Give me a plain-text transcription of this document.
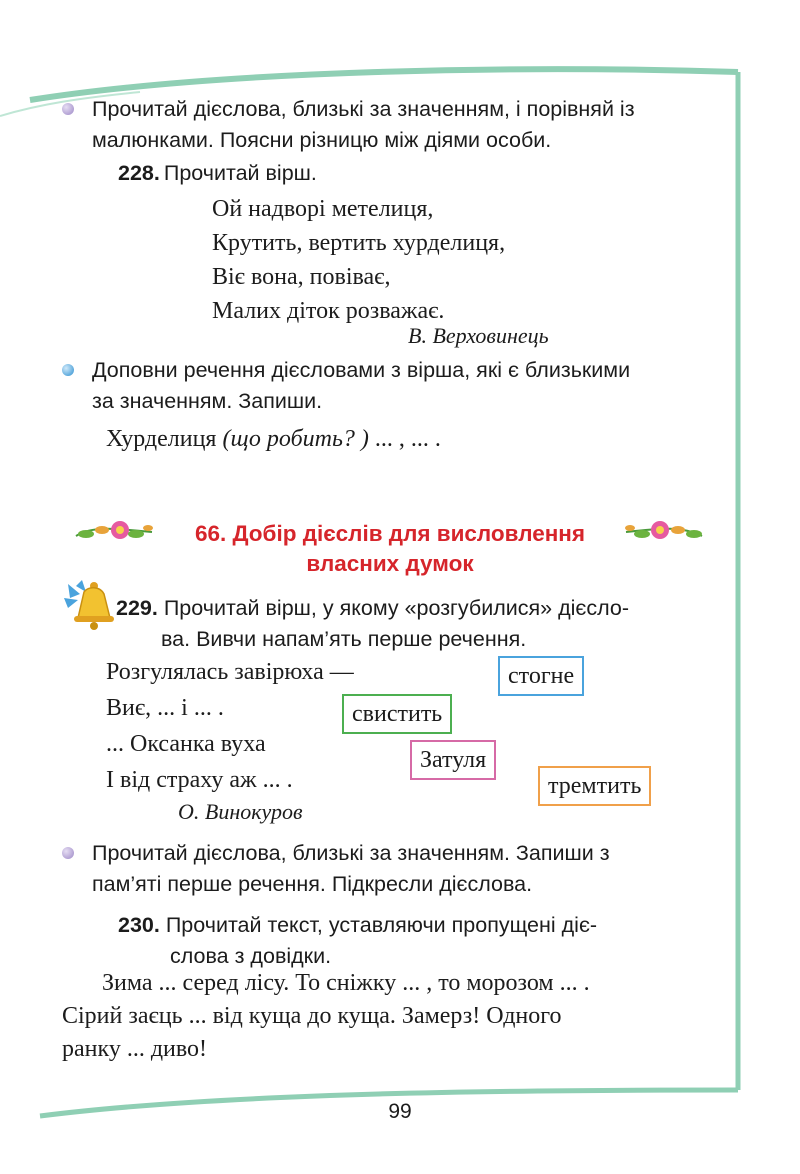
Прочитай дієслова, близькі за значенням, і порівняй із
малюнками. Поясни різницю між діями особи.
228. Прочитай вірш.
Ой надворі метелиця,
Крутить, вертить хурделиця,
Віє вона, повіває,
Малих діток розважає.
В. Верховинець
Доповни речення дієсловами з вірша, які є близькими
за значенням. Запиши.
Хурделиця (що робить? ) ... , ... .
66. Добір дієслів для висловлення
власних думок
229. Прочитай вірш, у якому «розгубилися» дієсло-
ва. Вивчи напам’ять перше речення.
Розгулялась завірюха —
Виє, ... і ... .
... Оксанка вуха
І від страху аж ... .
О. Винокуров
стогне
свистить
Затуля
тремтить
Прочитай дієслова, близькі за значенням. Запиши з
пам’яті перше речення. Підкресли дієслова.
230. Прочитай текст, уставляючи пропущені діє-
слова з довідки.
Зима ... серед лісу. То сніжку ... , то морозом ... .
Сірий заєць ... від куща до куща. Замерз! Одного
ранку ... диво!
99
